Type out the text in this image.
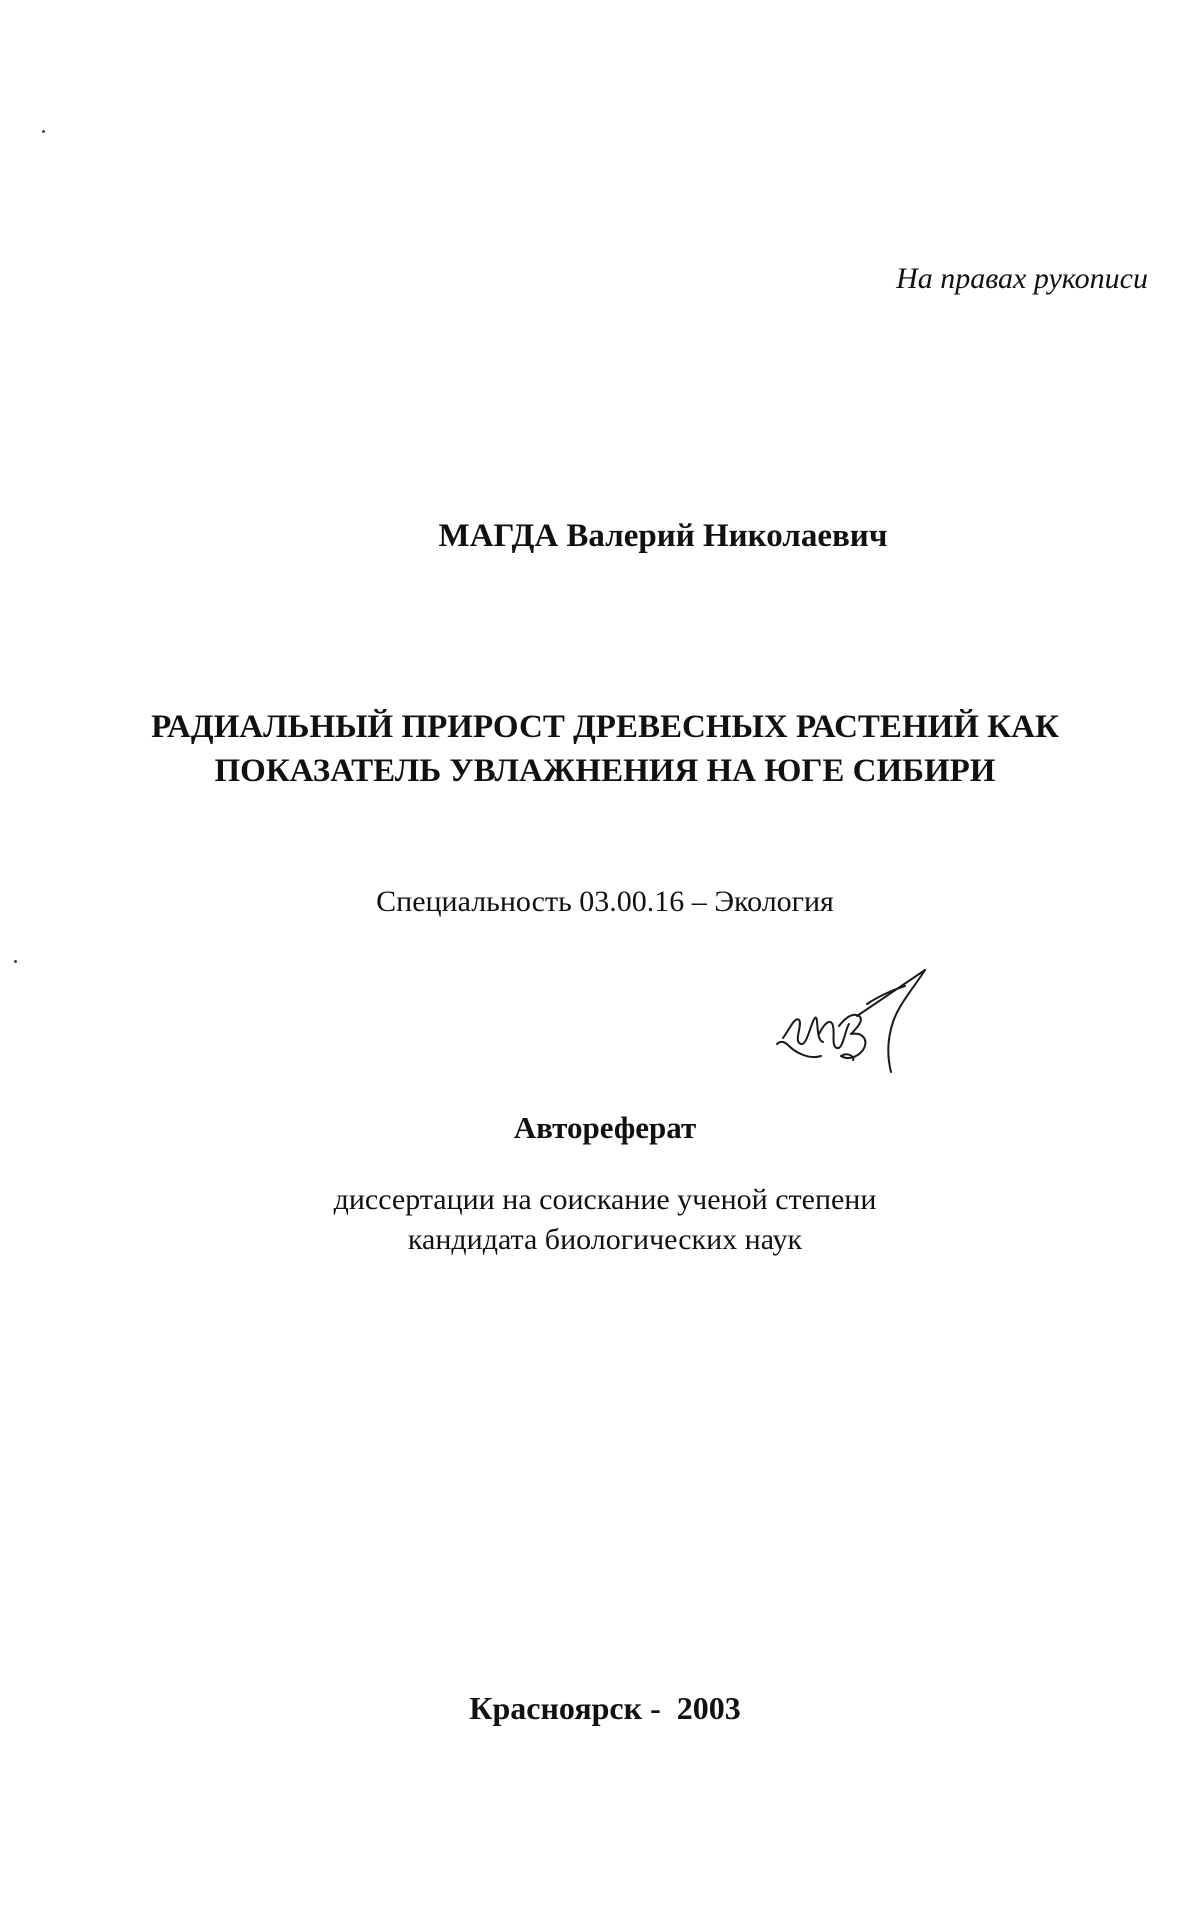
На правах рукописи
МАГДА Валерий Николаевич
РАДИАЛЬНЫЙ ПРИРОСТ ДРЕВЕСНЫХ РАСТЕНИЙ КАК
ПОКАЗАТЕЛЬ УВЛАЖНЕНИЯ НА ЮГЕ СИБИРИ
Специальность 03.00.16 – Экология
Автореферат
диссертации на соискание ученой степени
кандидата биологических наук
Красноярск -  2003
